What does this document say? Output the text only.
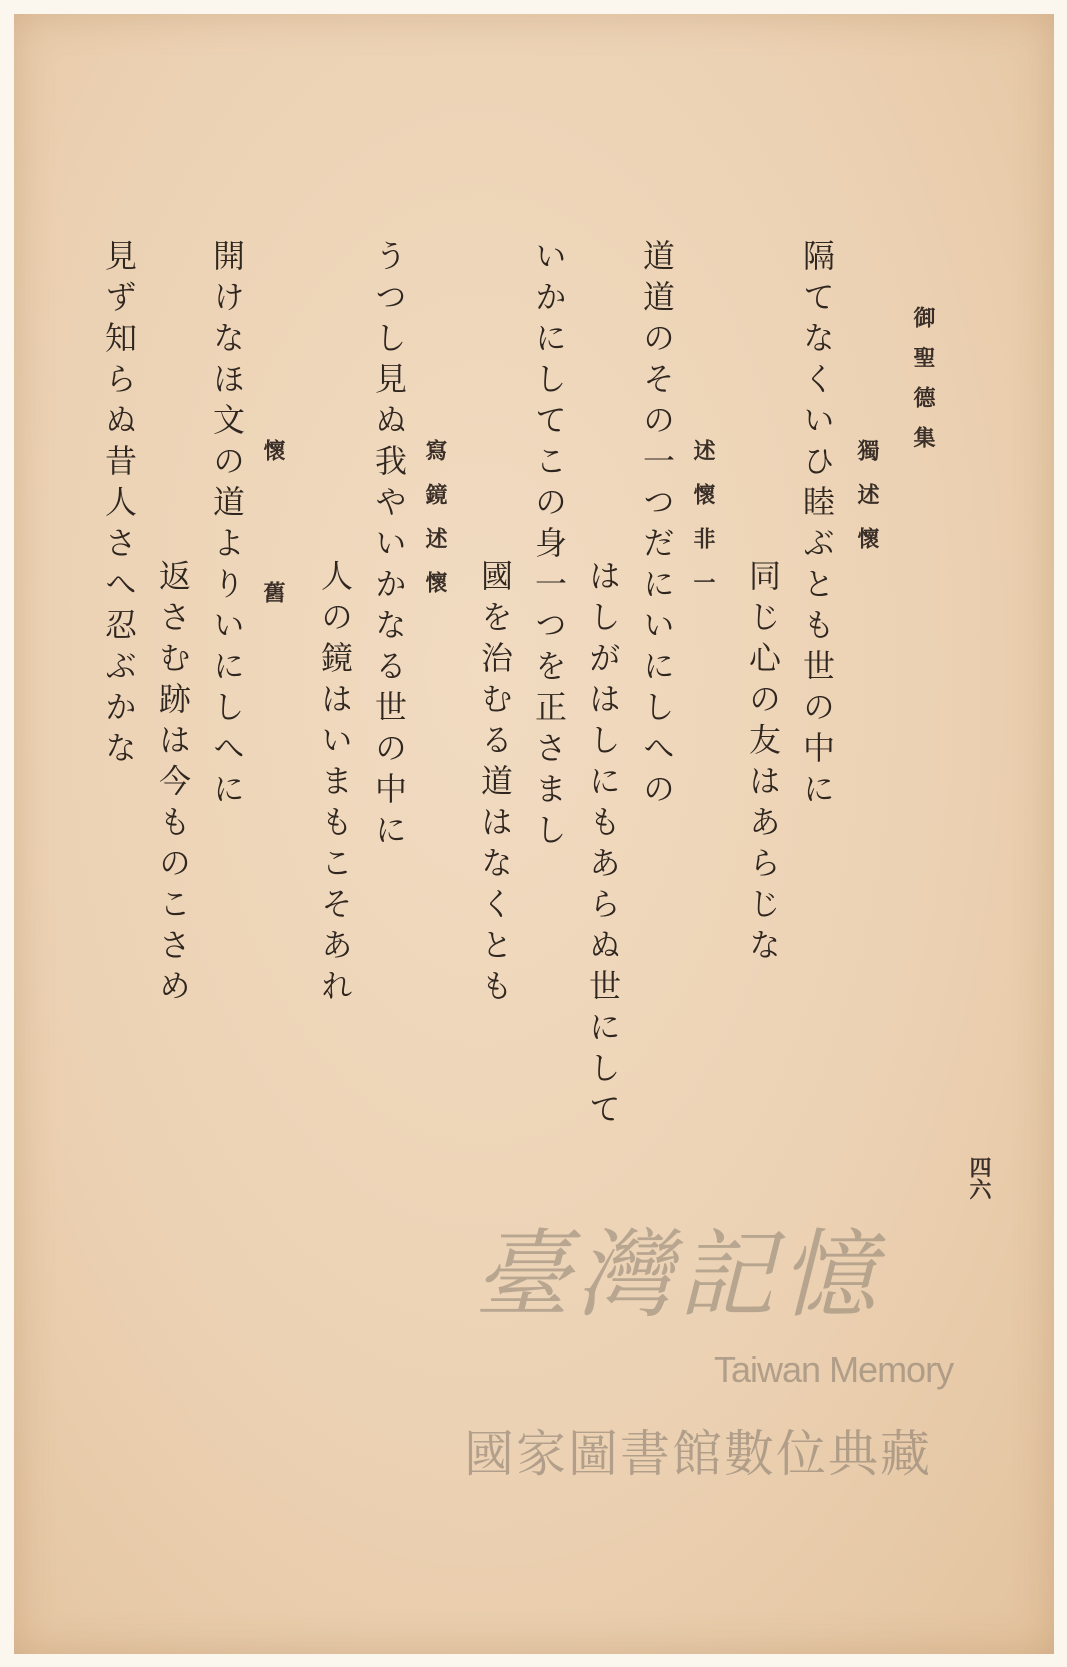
御聖德集
獨述懷
隔てなくいひ睦ぶとも世の中に
同じ心の友はあらじな
述懷非一
道道のその一つだにいにしへの
はしがはしにもあらぬ世にして
いかにしてこの身一つを正さまし
國を治むる道はなくとも
寫鏡述懷
うつし見ぬ我やいかなる世の中に
人の鏡はいまもこそあれ
懷舊
開けなほ文の道よりいにしへに
返さむ跡は今ものこさめ
見ず知らぬ昔人さへ忍ぶかな
四六
臺灣記憶
Taiwan Memory
國家圖書館數位典藏
